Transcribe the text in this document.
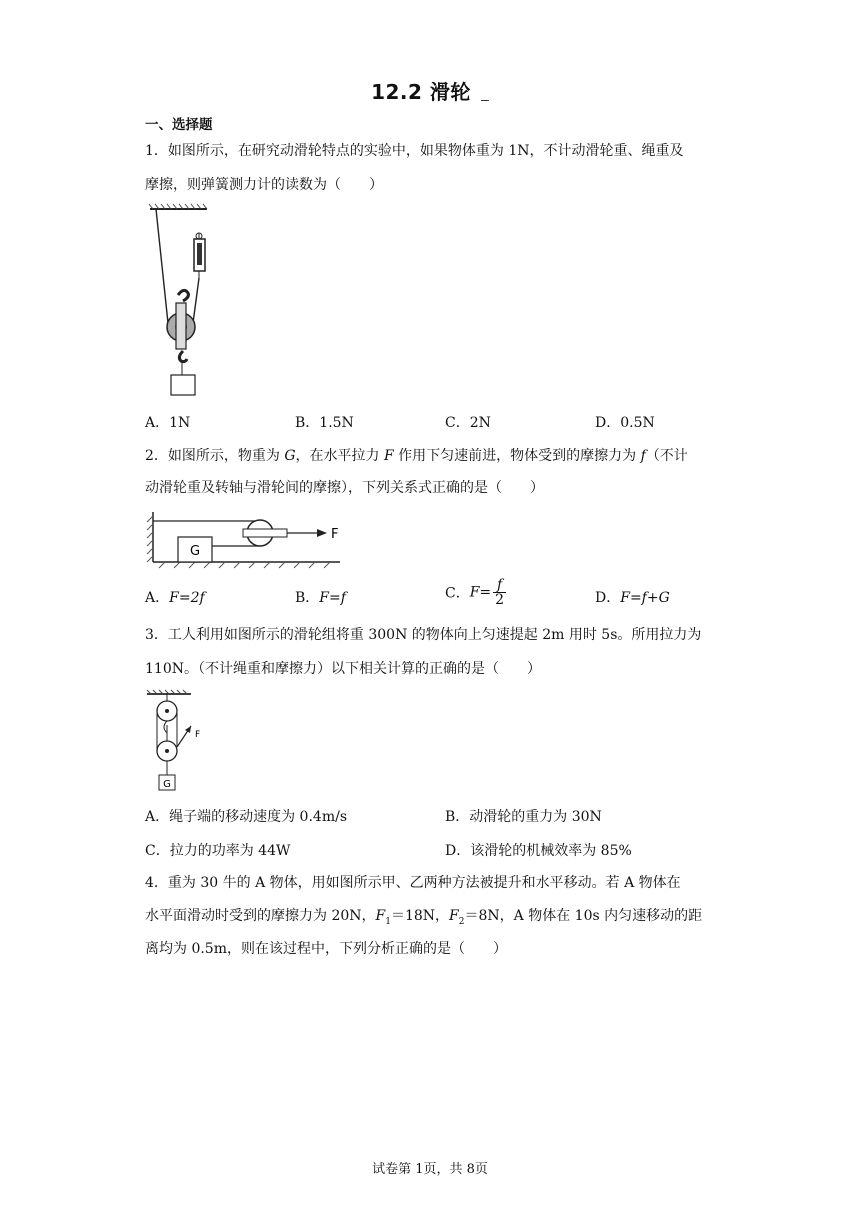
12.2 滑轮
一、选择题
1．如图所示，在研究动滑轮特点的实验中，如果物体重为 1N，不计动滑轮重、绳重及
摩擦，则弹簧测力计的读数为（　　）
A．1N	B．1.5N	C．2N	D．0.5N
2．如图所示，物重为 G，在水平拉力 F 作用下匀速前进，物体受到的摩擦力为 f（不计
动滑轮重及转轴与滑轮间的摩擦），下列关系式正确的是（　　）
G
F
A．F=2f	B．F=f	C．$F= \frac{f}{2}$	D．F=f+G
3．工人利用如图所示的滑轮组将重 300N 的物体向上匀速提起 2m 用时 5s。所用拉力为
110N。（不计绳重和摩擦力）以下相关计算的正确的是（　　）
F
G
A．绳子端的移动速度为 0.4m/s	B．动滑轮的重力为 30N
C．拉力的功率为 44W	D．该滑轮的机械效率为 85%
4．重为 30 牛的 A 物体，用如图所示甲、乙两种方法被提升和水平移动。若 A 物体在
水平面滑动时受到的摩擦力为 20N，$F_1=18N$，$F_2=8N$，A 物体在 10s 内匀速移动的距
离均为 0.5m，则在该过程中，下列分析正确的是（　　）
试卷第 1页，共 8页
